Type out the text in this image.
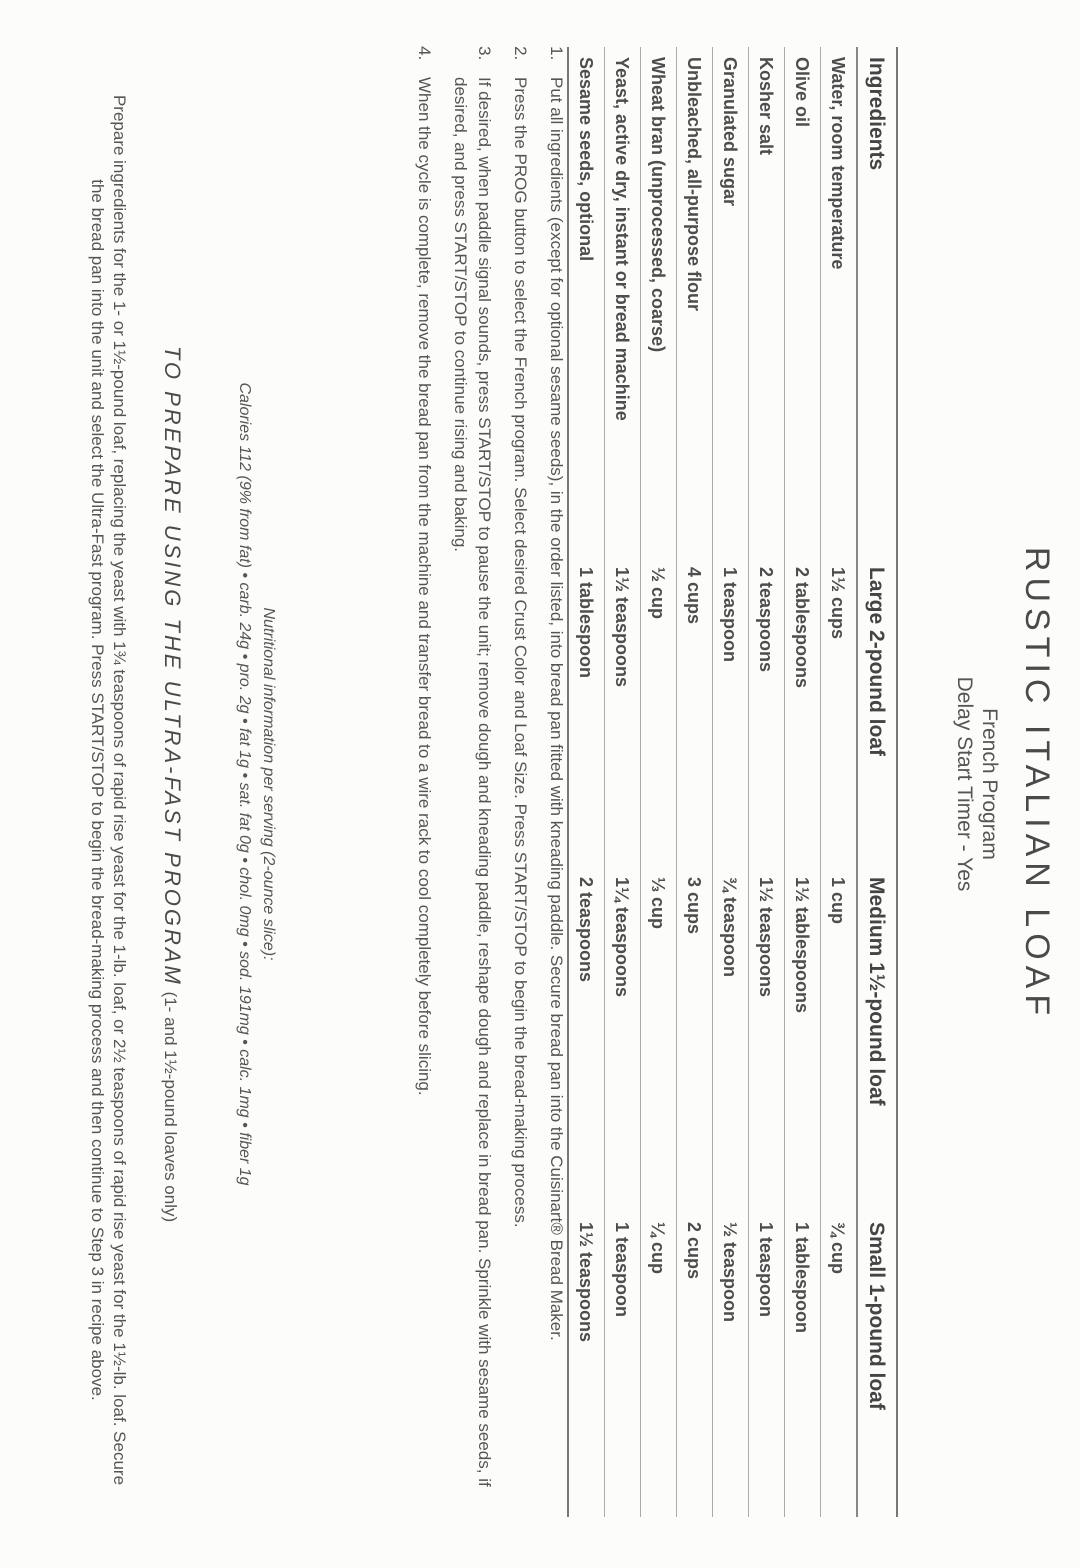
RUSTIC ITALIAN LOAF
French Program
Delay Start Timer - Yes
Ingredients	Large 2-pound loaf	Medium 1½-pound loaf	Small 1-pound loaf
Water, room temperature	1½ cups	1 cup	¾ cup
Olive oil	2 tablespoons	1½ tablespoons	1 tablespoon
Kosher salt	2 teaspoons	1½ teaspoons	1 teaspoon
Granulated sugar	1 teaspoon	¾ teaspoon	½ teaspoon
Unbleached, all-purpose flour	4 cups	3 cups	2 cups
Wheat bran (unprocessed, coarse)	½ cup	⅓ cup	¼ cup
Yeast, active dry, instant or bread machine	1½ teaspoons	1¼ teaspoons	1 teaspoon
Sesame seeds, optional	1 tablespoon	2 teaspoons	1½ teaspoons
1. Put all ingredients (except for optional sesame seeds), in the order listed, into bread pan fitted with kneading paddle. Secure bread pan into the Cuisinart® Bread Maker.
2. Press the PROG button to select the French program. Select desired Crust Color and Loaf Size. Press START/STOP to begin the bread-making process.
3. If desired, when paddle signal sounds, press START/STOP to pause the unit; remove dough and kneading paddle, reshape dough and replace in bread pan. Sprinkle with sesame seeds, if desired, and press START/STOP to continue rising and baking.
4. When the cycle is complete, remove the bread pan from the machine and transfer bread to a wire rack to cool completely before slicing.
Nutritional information per serving (2-ounce slice):
Calories 112 (9% from fat) • carb. 24g • pro. 2g • fat 1g • sat. fat 0g • chol. 0mg • sod. 191mg • calc. 1mg • fiber 1g
TO PREPARE USING THE ULTRA-FAST PROGRAM (1- and 1½-pound loaves only)
Prepare ingredients for the 1- or 1½-pound loaf, replacing the yeast with 1¾ teaspoons of rapid rise yeast for the 1-lb. loaf, or 2½ teaspoons of rapid rise yeast for the 1½-lb. loaf. Secure the bread pan into the unit and select the Ultra-Fast program. Press START/STOP to begin the bread-making process and then continue to Step 3 in recipe above.
